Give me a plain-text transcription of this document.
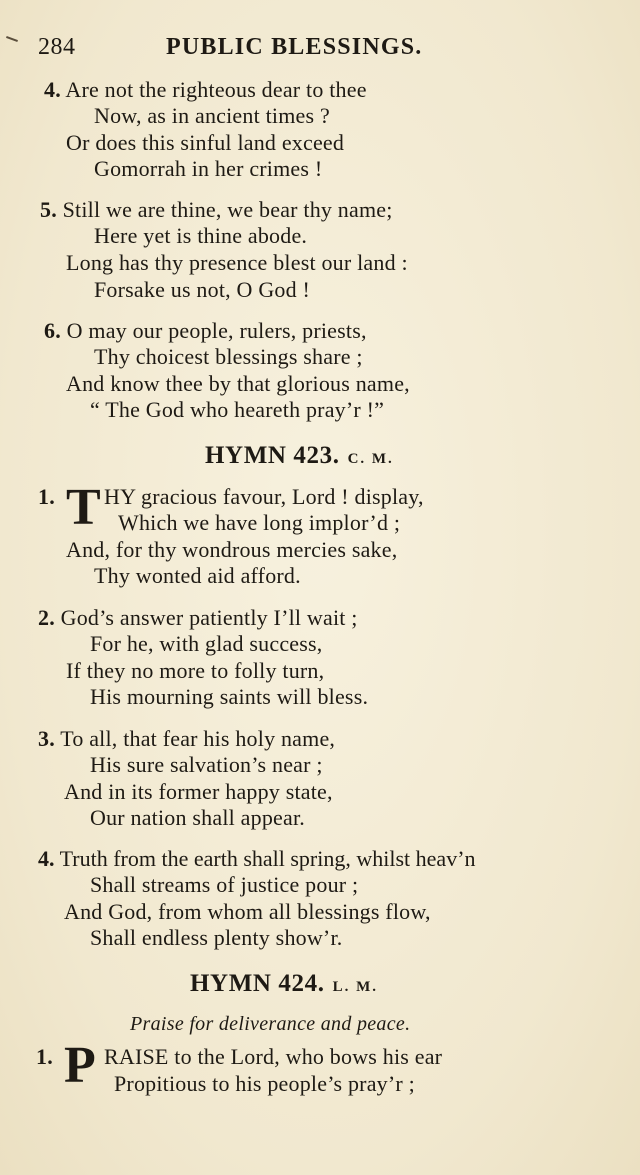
284	PUBLIC BLESSINGS.
4. Are not the righteous dear to thee
Now, as in ancient times ?
Or does this sinful land exceed
Gomorrah in her crimes !
5. Still we are thine, we bear thy name;
Here yet is thine abode.
Long has thy presence blest our land :
Forsake us not, O God !
6. O may our people, rulers, priests,
Thy choicest blessings share ;
And know thee by that glorious name,
“ The God who heareth pray’r !”
HYMN 423. C. M.
1. T HY gracious favour, Lord ! display,
Which we have long implor’d ;
And, for thy wondrous mercies sake,
Thy wonted aid afford.
2. God’s answer patiently I’ll wait ;
For he, with glad success,
If they no more to folly turn,
His mourning saints will bless.
3. To all, that fear his holy name,
His sure salvation’s near ;
And in its former happy state,
Our nation shall appear.
4. Truth from the earth shall spring, whilst heav’n
Shall streams of justice pour ;
And God, from whom all blessings flow,
Shall endless plenty show’r.
HYMN 424. L. M.
Praise for deliverance and peace.
1. P RAISE to the Lord, who bows his ear
Propitious to his people’s pray’r ;
